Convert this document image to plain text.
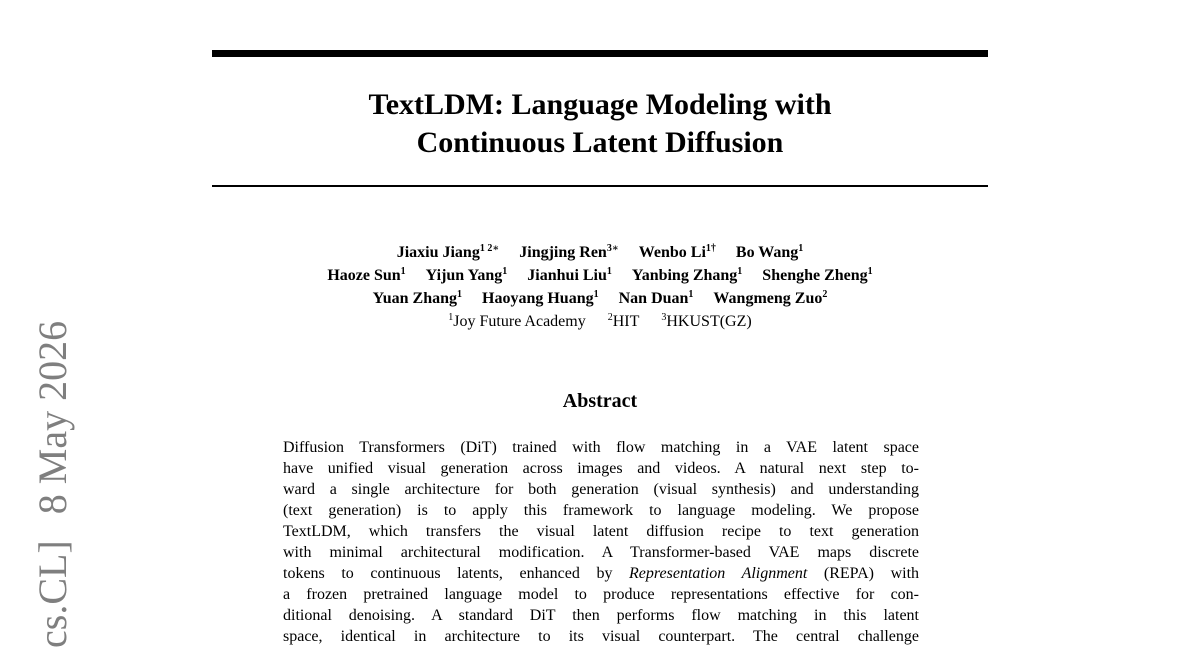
cs.CL]8 May 2026
TextLDM: Language Modeling with
Continuous Latent Diffusion
Jiaxiu Jiang$^{1 2∗}$ Jingjing Ren$^{3∗}$ Wenbo $Li^{1\dagger}$ Bo Wang$^1$
Haoze Sun$^1$ Yijun Yang$^1$ Jianhui Liu$^1$ Yanbing Zhang$^1$ Shenghe Zheng$^1$
Yuan Zhang$^1$ Haoyang Huang$^1$ Nan Duan$^1$ Wangmeng Zuo$^2$
$^1$Joy Future Academy $^2$HIT $^3$HKUST(GZ)
Abstract
Diffusion Transformers (DiT) trained with flow matching in a VAE latent space
have unified visual generation across images and videos. A natural next step to-
ward a single architecture for both generation (visual synthesis) and understanding
(text generation) is to apply this framework to language modeling. We propose
TextLDM, which transfers the visual latent diffusion recipe to text generation
with minimal architectural modification. A Transformer-based VAE maps discrete
tokens to continuous latents, enhanced by Representation Alignment (REPA) with
a frozen pretrained language model to produce representations effective for con-
ditional denoising. A standard DiT then performs flow matching in this latent
space, identical in architecture to its visual counterpart. The central challenge
